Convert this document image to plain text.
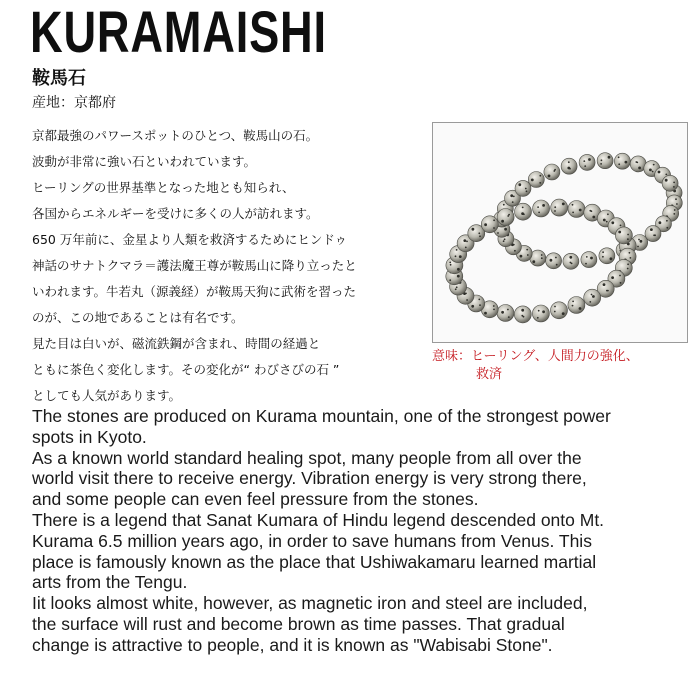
KURAMAISHI
鞍馬石
産地：京都府
京都最強のパワースポットのひとつ、鞍馬山の石。
波動が非常に強い石といわれています。
ヒーリングの世界基準となった地とも知られ、
各国からエネルギーを受けに多くの人が訪れます。
650 万年前に、金星より人類を救済するためにヒンドゥ
神話のサナトクマラ＝護法魔王尊が鞍馬山に降り立ったと
いわれます。牛若丸（源義経）が鞍馬天狗に武術を習った
のが、この地であることは有名です。
見た目は白いが、磁流鉄鋼が含まれ、時間の経過と
ともに茶色く変化します。その変化が“ わびさびの石 ”
としても人気があります。
意味：ヒーリング、人間力の強化、
救済
The stones are produced on Kurama mountain, one of the strongest power
spots in Kyoto.
As a known world standard healing spot, many people from all over the
world visit there to receive energy. Vibration energy is very strong there,
and some people can even feel pressure from the stones.
There is a legend that Sanat Kumara of Hindu legend descended onto Mt.
Kurama 6.5 million years ago, in order to save humans from Venus. This
place is famously known as the place that Ushiwakamaru learned martial
arts from the Tengu.
Iit looks almost white, however, as magnetic iron and steel are included,
the surface will rust and become brown as time passes. That gradual
change is attractive to people, and it is known as "Wabisabi Stone".
